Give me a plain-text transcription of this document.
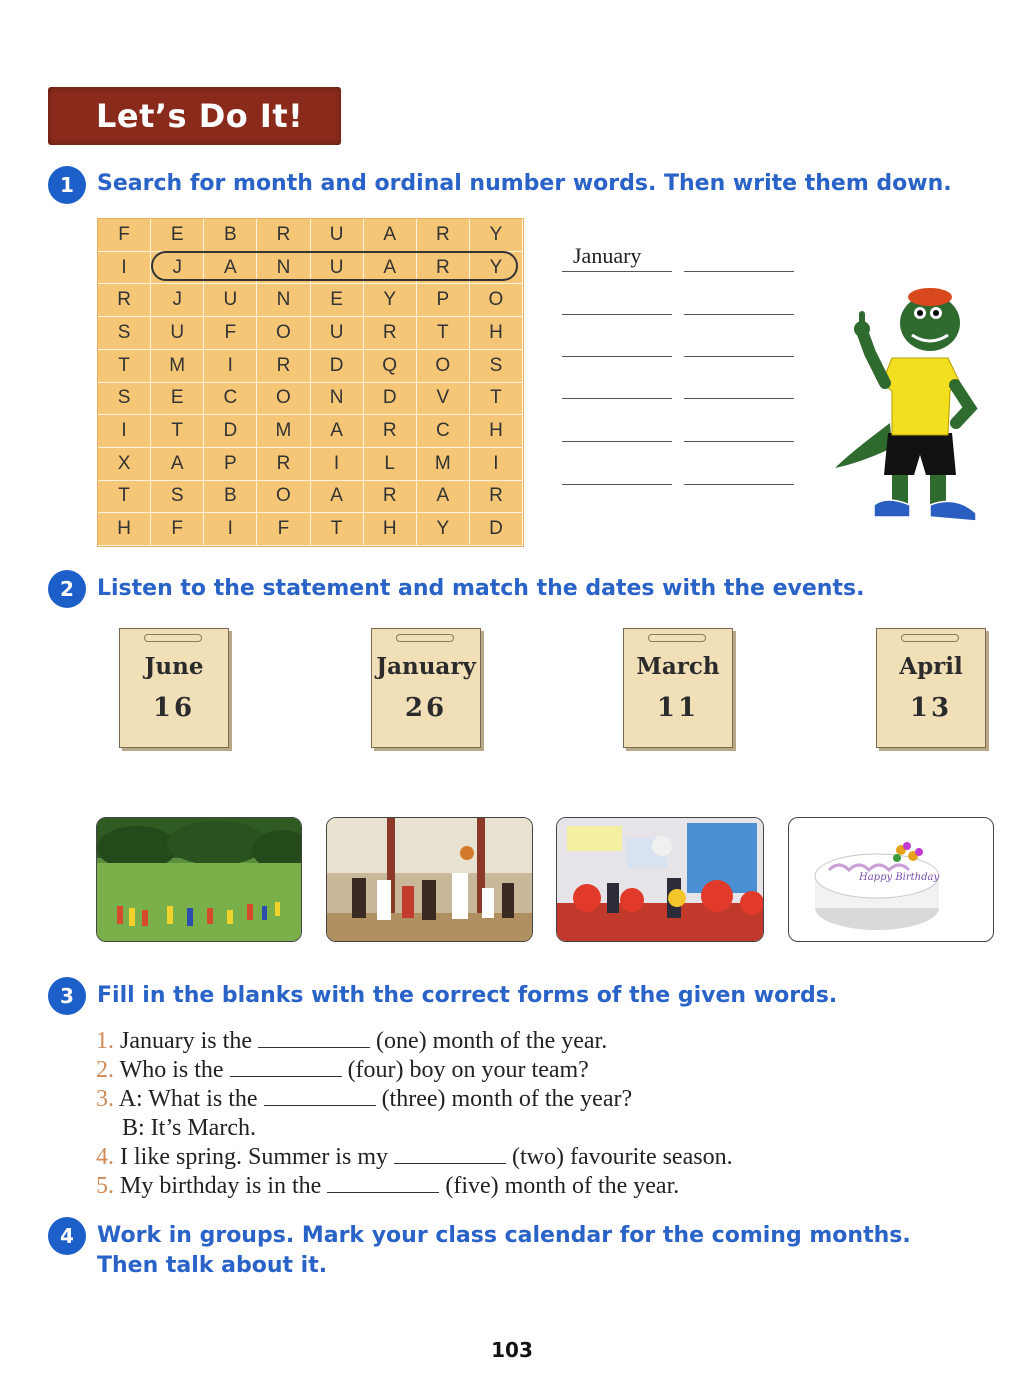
Let’s Do It!
1	Search for month and ordinal number words. Then write them down.
F	E	B	R	U	A	R	Y
I	J	A	N	U	A	R	Y
R	J	U	N	E	Y	P	O
S	U	F	O	U	R	T	H
T	M	I	R	D	Q	O	S
S	E	C	O	N	D	V	T
I	T	D	M	A	R	C	H
X	A	P	R	I	L	M	I
T	S	B	O	A	R	A	R
H	F	I	F	T	H	Y	D
January
2	Listen to the statement and match the dates with the events.
June
16
January
26
March
11
April
13
Happy Birthday
3	Fill in the blanks with the correct forms of the given words.
1. January is the	(one) month of the year.
2. Who is the	(four) boy on your team?
3. A: What is the	(three) month of the year?
B: It’s March.
4. I like spring. Summer is my	(two) favourite season.
5. My birthday is in the	(five) month of the year.
4	Work in groups. Mark your class calendar for the coming months.
Then talk about it.
103
